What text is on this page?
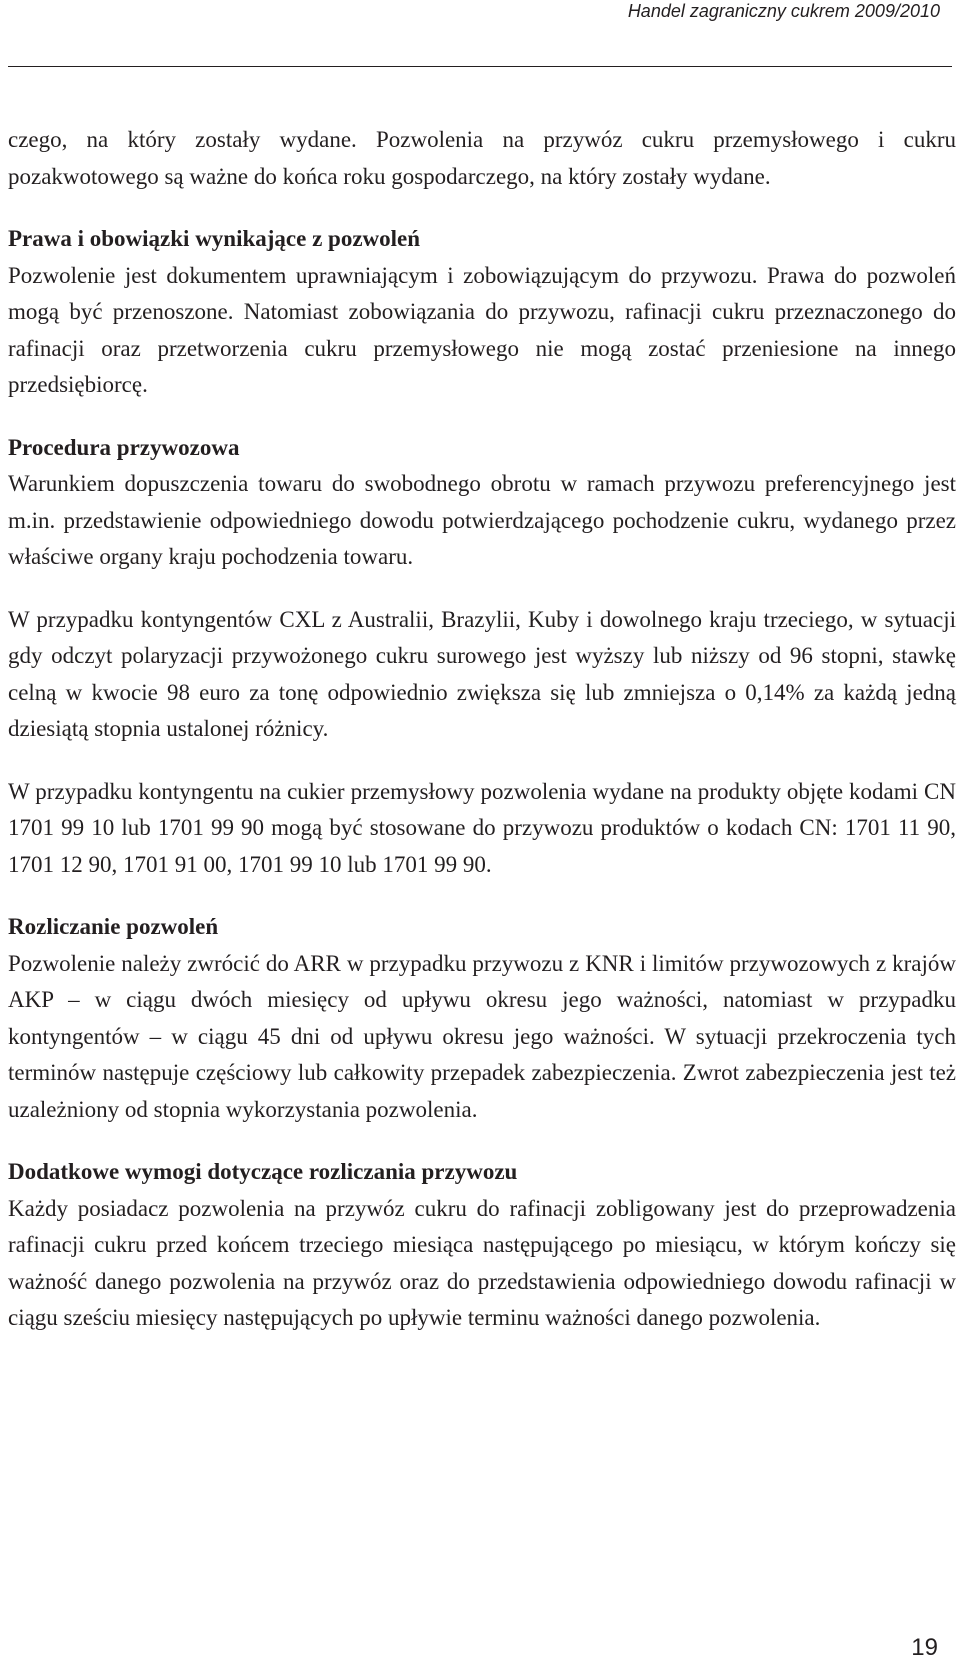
Handel zagraniczny cukrem 2009/2010

czego, na który zostały wydane. Pozwolenia na przywóz cukru przemysłowego i cukru pozakwotowego są ważne do końca roku gospodarczego, na który zostały wydane.

Prawa i obowiązki wynikające z pozwoleń

Pozwolenie jest dokumentem uprawniającym i zobowiązującym do przywozu. Prawa do pozwoleń mogą być przenoszone. Natomiast zobowiązania do przywozu, rafinacji cukru przeznaczonego do rafinacji oraz przetworzenia cukru przemysłowego nie mogą zostać przeniesione na innego przedsiębiorcę.

Procedura przywozowa

Warunkiem dopuszczenia towaru do swobodnego obrotu w ramach przywozu preferencyjnego jest m.in. przedstawienie odpowiedniego dowodu potwierdzającego pochodzenie cukru, wydanego przez właściwe organy kraju pochodzenia towaru.

W przypadku kontyngentów CXL z Australii, Brazylii, Kuby i dowolnego kraju trzeciego, w sytuacji gdy odczyt polaryzacji przywożonego cukru surowego jest wyższy lub niższy od 96 stopni, stawkę celną w kwocie 98 euro za tonę odpowiednio zwiększa się lub zmniejsza o 0,14% za każdą jedną dziesiątą stopnia ustalonej różnicy.

W przypadku kontyngentu na cukier przemysłowy pozwolenia wydane na produkty objęte kodami CN 1701 99 10 lub 1701 99 90 mogą być stosowane do przywozu produktów o kodach CN: 1701 11 90, 1701 12 90, 1701 91 00, 1701 99 10 lub 1701 99 90.

Rozliczanie pozwoleń

Pozwolenie należy zwrócić do ARR w przypadku przywozu z KNR i limitów przywozowych z krajów AKP – w ciągu dwóch miesięcy od upływu okresu jego ważności, natomiast w przypadku kontyngentów – w ciągu 45 dni od upływu okresu jego ważności. W sytuacji przekroczenia tych terminów następuje częściowy lub całkowity przepadek zabezpieczenia. Zwrot zabezpieczenia jest też uzależniony od stopnia wykorzystania pozwolenia.

Dodatkowe wymogi dotyczące rozliczania przywozu

Każdy posiadacz pozwolenia na przywóz cukru do rafinacji zobligowany jest do przeprowadzenia rafinacji cukru przed końcem trzeciego miesiąca następującego po miesiącu, w którym kończy się ważność danego pozwolenia na przywóz oraz do przedstawienia odpowiedniego dowodu rafinacji w ciągu sześciu miesięcy następujących po upływie terminu ważności danego pozwolenia.

19
